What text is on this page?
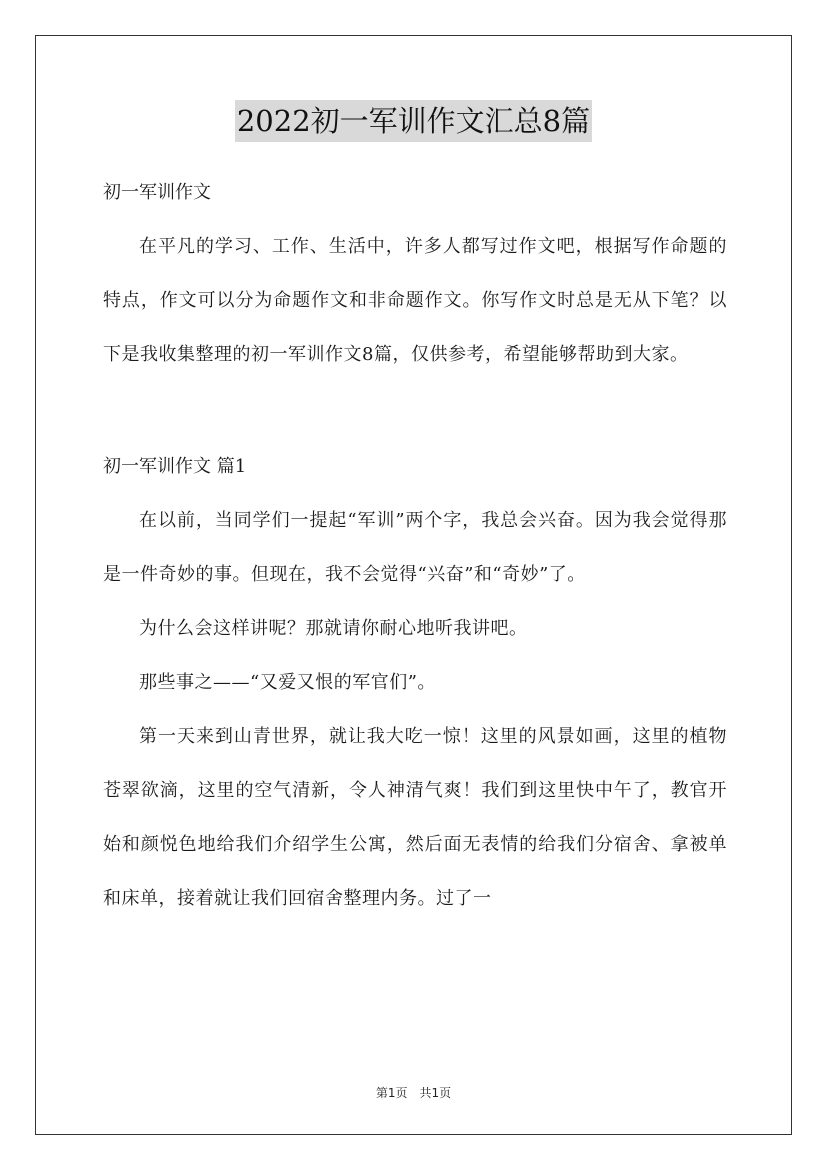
2022初一军训作文汇总8篇

初一军训作文

在平凡的学习、工作、生活中，许多人都写过作文吧，根据写作命题的特点，作文可以分为命题作文和非命题作文。你写作文时总是无从下笔？以下是我收集整理的初一军训作文8篇，仅供参考，希望能够帮助到大家。

初一军训作文 篇1

在以前，当同学们一提起“军训”两个字，我总会兴奋。因为我会觉得那是一件奇妙的事。但现在，我不会觉得“兴奋”和“奇妙”了。

为什么会这样讲呢？那就请你耐心地听我讲吧。

那些事之——“又爱又恨的军官们”。

第一天来到山青世界，就让我大吃一惊！这里的风景如画，这里的植物苍翠欲滴，这里的空气清新，令人神清气爽！我们到这里快中午了，教官开始和颜悦色地给我们介绍学生公寓，然后面无表情的给我们分宿舍、拿被单和床单，接着就让我们回宿舍整理内务。过了一

第1页　共1页
